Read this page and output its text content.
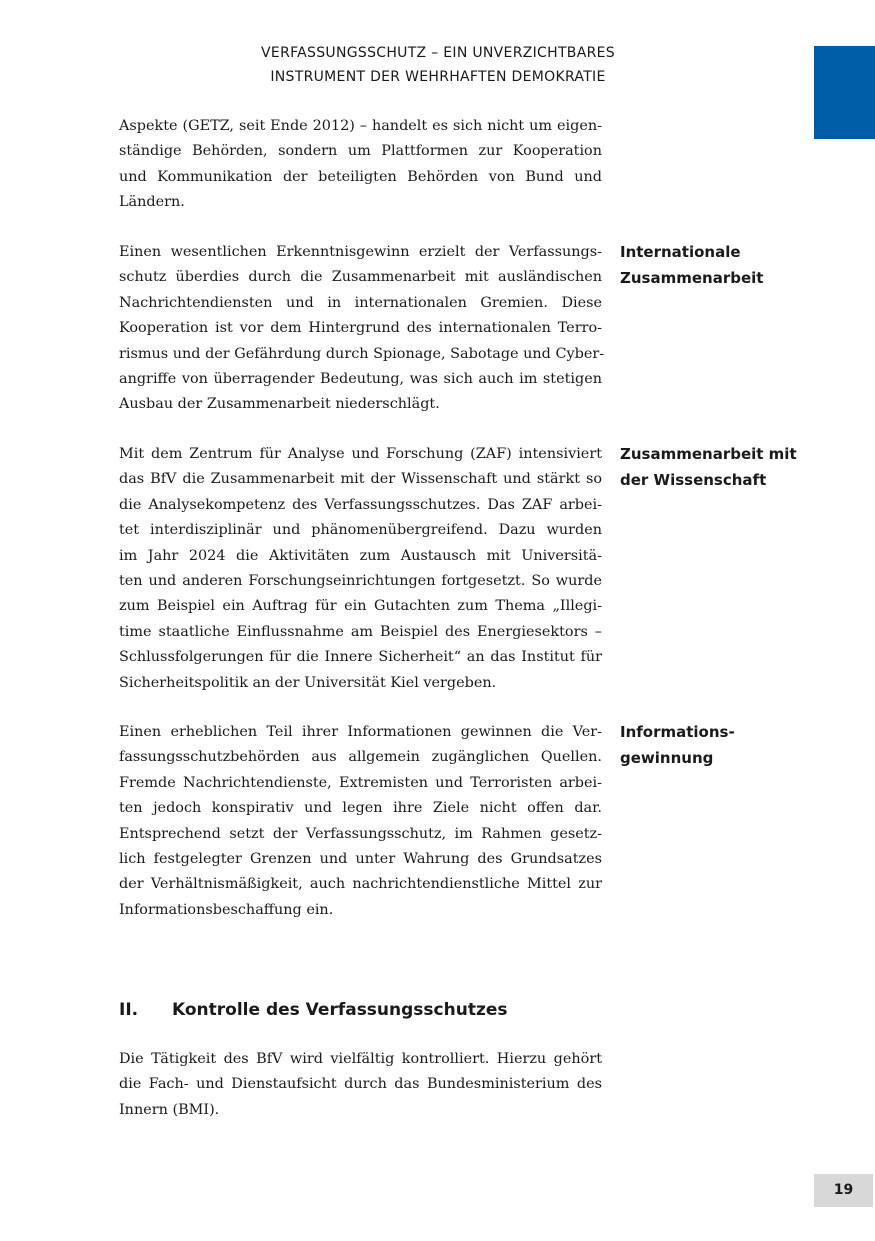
VERFASSUNGSSCHUTZ – EIN UNVERZICHTBARES
INSTRUMENT DER WEHRHAFTEN DEMOKRATIE
Aspekte (GETZ, seit Ende 2012) – handelt es sich nicht um eigen-
ständige Behörden, sondern um Plattformen zur Kooperation
und Kommunikation der beteiligten Behörden von Bund und
Ländern.
Einen wesentlichen Erkenntnisgewinn erzielt der Verfassungs-
schutz überdies durch die Zusammenarbeit mit ausländischen
Nachrichtendiensten und in internationalen Gremien. Diese
Kooperation ist vor dem Hintergrund des internationalen Terro-
rismus und der Gefährdung durch Spionage, Sabotage und Cyber-
angriffe von überragender Bedeutung, was sich auch im stetigen
Ausbau der Zusammenarbeit niederschlägt.
Internationale
Zusammenarbeit
Mit dem Zentrum für Analyse und Forschung (ZAF) intensiviert
das BfV die Zusammenarbeit mit der Wissenschaft und stärkt so
die Analysekompetenz des Verfassungsschutzes. Das ZAF arbei-
tet interdisziplinär und phänomenübergreifend. Dazu wurden
im Jahr 2024 die Aktivitäten zum Austausch mit Universitä-
ten und anderen Forschungseinrichtungen fortgesetzt. So wurde
zum Beispiel ein Auftrag für ein Gutachten zum Thema „Illegi-
time staatliche Einflussnahme am Beispiel des Energiesektors –
Schlussfolgerungen für die Innere Sicherheit“ an das Institut für
Sicherheitspolitik an der Universität Kiel vergeben.
Zusammenarbeit mit
der Wissenschaft
Einen erheblichen Teil ihrer Informationen gewinnen die Ver-
fassungsschutzbehörden aus allgemein zugänglichen Quellen.
Fremde Nachrichtendienste, Extremisten und Terroristen arbei-
ten jedoch konspirativ und legen ihre Ziele nicht offen dar.
Entsprechend setzt der Verfassungsschutz, im Rahmen gesetz-
lich festgelegter Grenzen und unter Wahrung des Grundsatzes
der Verhältnismäßigkeit, auch nachrichtendienstliche Mittel zur
Informationsbeschaffung ein.
Informations-
gewinnung
II. Kontrolle des Verfassungsschutzes
Die Tätigkeit des BfV wird vielfältig kontrolliert. Hierzu gehört
die Fach- und Dienstaufsicht durch das Bundesministerium des
Innern (BMI).
19
